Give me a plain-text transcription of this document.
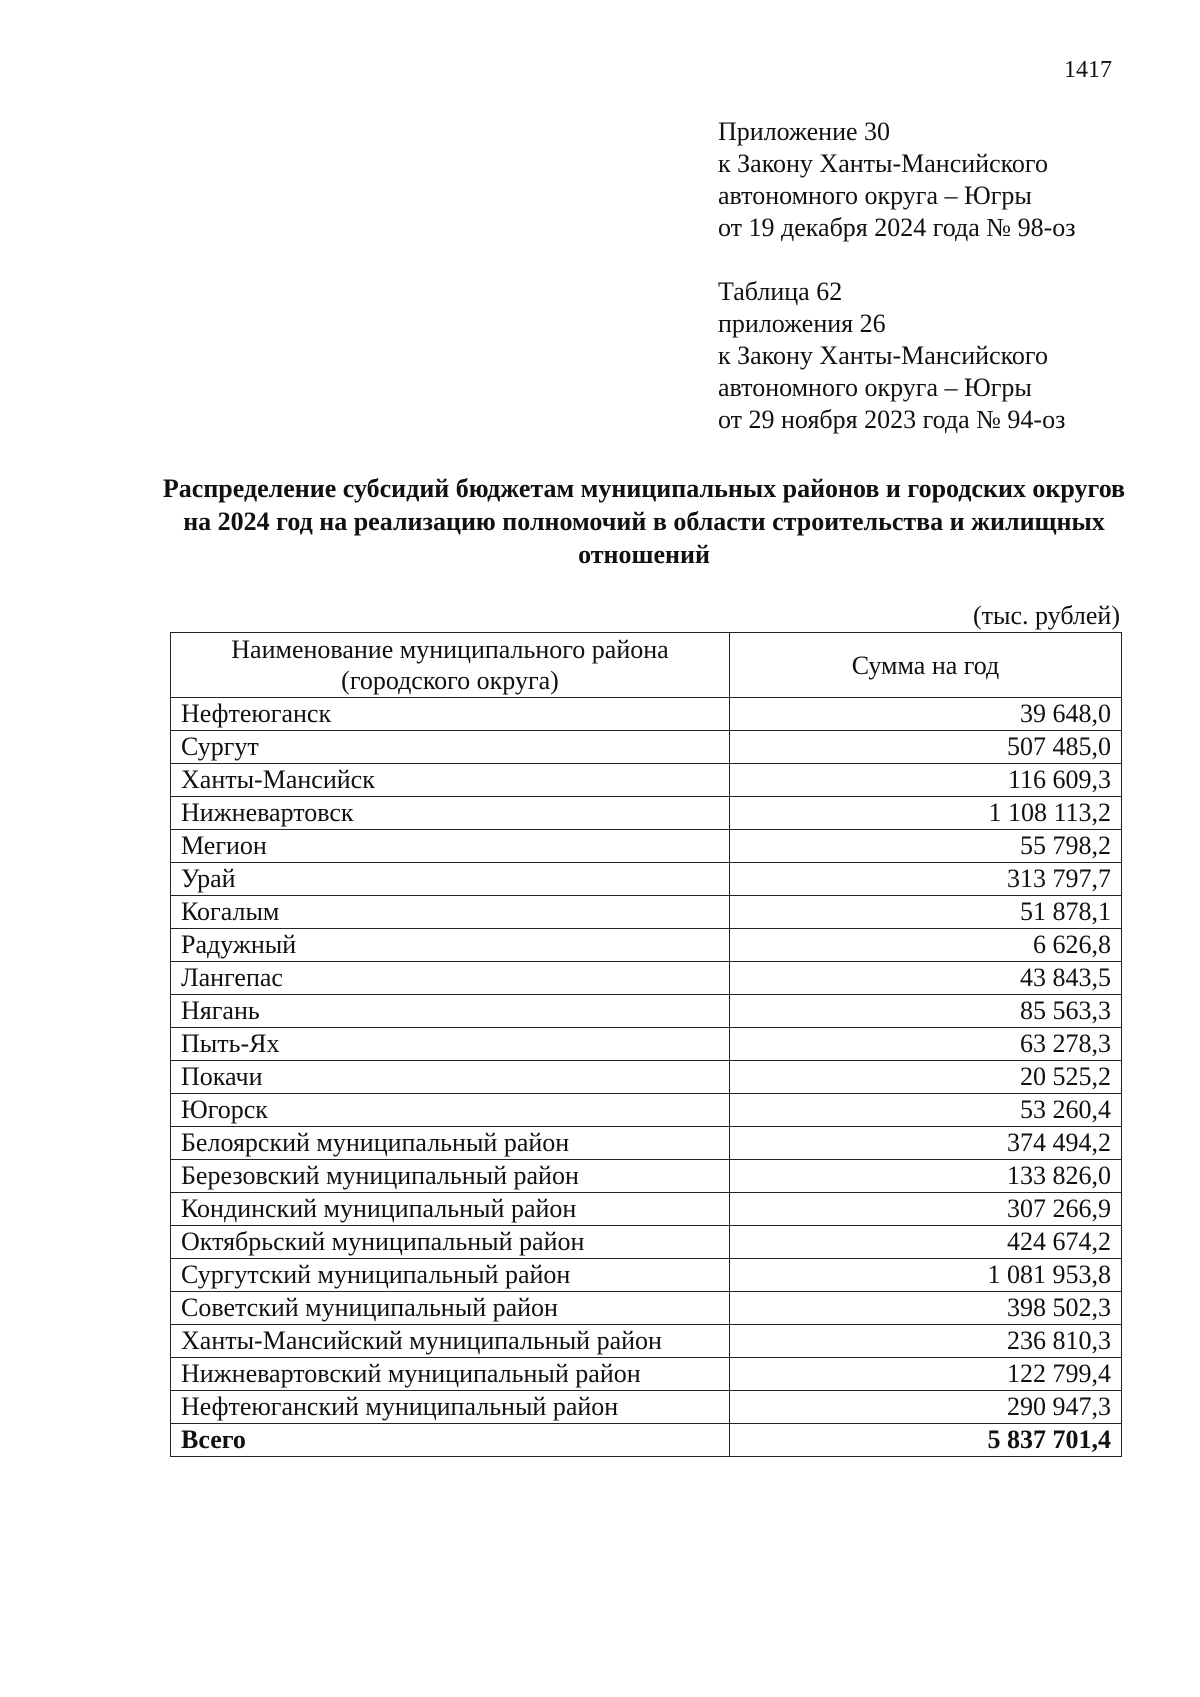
1417
Приложение 30
к Закону Ханты-Мансийского
автономного округа – Югры
от 19 декабря 2024 года № 98-оз
Таблица 62
приложения 26
к Закону Ханты-Мансийского
автономного округа – Югры
от 29 ноября 2023 года № 94-оз
Распределение субсидий бюджетам муниципальных районов и городских округов на 2024 год на реализацию полномочий в области строительства и жилищных отношений
(тыс. рублей)
Наименование муниципального района (городского округа)	Сумма на год
Нефтеюганск	39 648,0
Сургут	507 485,0
Ханты-Мансийск	116 609,3
Нижневартовск	1 108 113,2
Мегион	55 798,2
Урай	313 797,7
Когалым	51 878,1
Радужный	6 626,8
Лангепас	43 843,5
Нягань	85 563,3
Пыть-Ях	63 278,3
Покачи	20 525,2
Югорск	53 260,4
Белоярский муниципальный район	374 494,2
Березовский муниципальный район	133 826,0
Кондинский муниципальный район	307 266,9
Октябрьский муниципальный район	424 674,2
Сургутский муниципальный район	1 081 953,8
Советский муниципальный район	398 502,3
Ханты-Мансийский муниципальный район	236 810,3
Нижневартовский муниципальный район	122 799,4
Нефтеюганский муниципальный район	290 947,3
Всего	5 837 701,4
